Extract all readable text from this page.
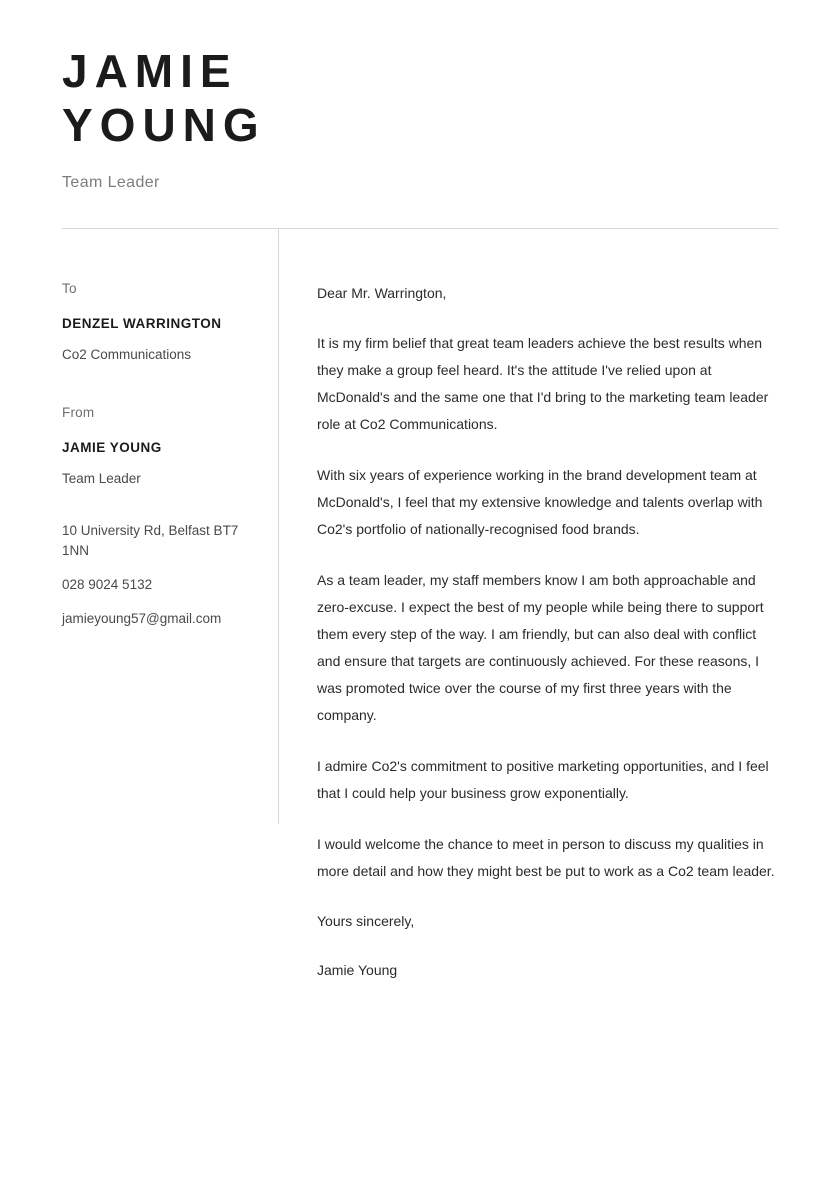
JAMIE
YOUNG
Team Leader
To
DENZEL WARRINGTON
Co2 Communications
From
JAMIE YOUNG
Team Leader
10 University Rd, Belfast BT7 1NN
028 9024 5132
jamieyoung57@gmail.com
Dear Mr. Warrington,
It is my firm belief that great team leaders achieve the best results when they make a group feel heard. It's the attitude I've relied upon at McDonald's and the same one that I'd bring to the marketing team leader role at Co2 Communications.
With six years of experience working in the brand development team at McDonald's, I feel that my extensive knowledge and talents overlap with Co2's portfolio of nationally-recognised food brands.
As a team leader, my staff members know I am both approachable and zero-excuse. I expect the best of my people while being there to support them every step of the way. I am friendly, but can also deal with conflict and ensure that targets are continuously achieved. For these reasons, I was promoted twice over the course of my first three years with the company.
I admire Co2's commitment to positive marketing opportunities, and I feel that I could help your business grow exponentially.
I would welcome the chance to meet in person to discuss my qualities in more detail and how they might best be put to work as a Co2 team leader.
Yours sincerely,
Jamie Young
